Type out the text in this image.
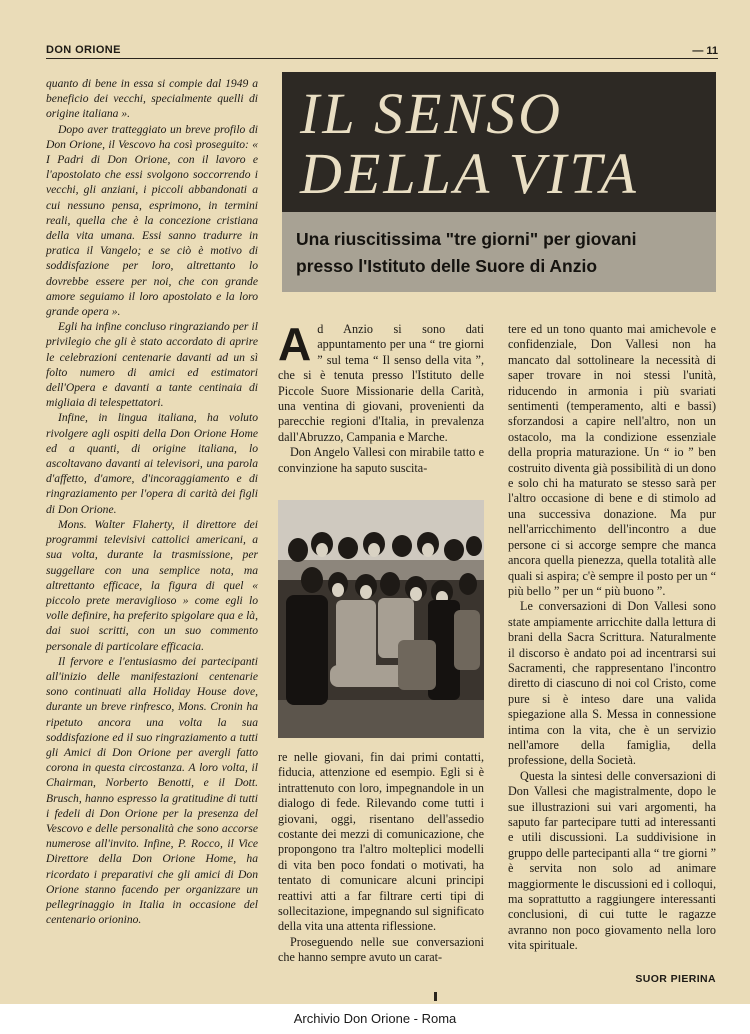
DON ORIONE	— 11

quanto di bene in essa si compie dal 1949 a beneficio dei vecchi, specialmente quelli di origine italiana ».

Dopo aver tratteggiato un breve profilo di Don Orione, il Vescovo ha così proseguito: « I Padri di Don Orione, con il lavoro e l'apostolato che essi svolgono soccorrendo i vecchi, gli anziani, i piccoli abbandonati a cui nessuno pensa, esprimono, in termini reali, quella che è la concezione cristiana della vita umana. Essi sanno tradurre in pratica il Vangelo; e se ciò è motivo di soddisfazione per loro, altrettanto lo dovrebbe essere per noi, che con grande amore seguiamo il loro apostolato e la loro grande opera ».

Egli ha infine concluso ringraziando per il privilegio che gli è stato accordato di aprire le celebrazioni centenarie davanti ad un sì folto numero di amici ed estimatori dell'Opera e davanti a tante centinaia di migliaia di telespettatori.

Infine, in lingua italiana, ha voluto rivolgere agli ospiti della Don Orione Home ed a quanti, di origine italiana, lo ascoltavano davanti ai televisori, una parola d'affetto, d'amore, d'incoraggiamento e di ringraziamento per l'opera di carità dei figli di Don Orione.

Mons. Walter Flaherty, il direttore dei programmi televisivi cattolici americani, a sua volta, durante la trasmissione, per suggellare con una semplice nota, ma altrettanto efficace, la figura di quel « piccolo prete meraviglioso » come egli lo volle definire, ha preferito spigolare qua e là, dai suoi scritti, con un suo commento personale di particolare efficacia.

Il fervore e l'entusiasmo dei partecipanti all'inizio delle manifestazioni centenarie sono continuati alla Holiday House dove, durante un breve rinfresco, Mons. Cronin ha ripetuto ancora una volta la sua soddisfazione ed il suo ringraziamento a tutti gli Amici di Don Orione per avergli fatto corona in questa circostanza. A loro volta, il Chairman, Norberto Benotti, e il Dott. Brusch, hanno espresso la gratitudine di tutti i fedeli di Don Orione per la presenza del Vescovo e delle personalità che sono accorse numerose all'invito. Infine, P. Rocco, il Vice Direttore della Don Orione Home, ha ricordato i preparativi che gli amici di Don Orione stanno facendo per organizzare un pellegrinaggio in Italia in occasione del centenario orionino.

IL SENSO
DELLA VITA
Una riuscitissima "tre giorni" per giovani
presso l'Istituto delle Suore di Anzio

Ad Anzio si sono dati appuntamento per una “ tre giorni ” sul tema “ Il senso della vita ”, che si è tenuta presso l'Istituto delle Piccole Suore Missionarie della Carità, una ventina di giovani, provenienti da parecchie regioni d'Italia, in prevalenza dall'Abruzzo, Campania e Marche.

Don Angelo Vallesi con mirabile tatto e convinzione ha saputo suscita-

re nelle giovani, fin dai primi contatti, fiducia, attenzione ed esempio. Egli si è intrattenuto con loro, impegnandole in un dialogo di fede. Rilevando come tutti i giovani, oggi, risentano dell'assedio costante dei mezzi di comunicazione, che propongono tra l'altro molteplici modelli di vita ben poco fondati o motivati, ha tentato di comunicare alcuni principi reattivi atti a far filtrare certi tipi di sollecitazione, impegnando sul significato della vita una attenta riflessione.

Proseguendo nelle sue conversazioni che hanno sempre avuto un carat-

tere ed un tono quanto mai amichevole e confidenziale, Don Vallesi non ha mancato dal sottolineare la necessità di saper trovare in noi stessi l'unità, riducendo in armonia i più svariati sentimenti (temperamento, alti e bassi) sforzandosi a capire nell'altro, non un ostacolo, ma la condizione essenziale della propria maturazione. Un “ io ” ben costruito diventa già possibilità di un dono e solo chi ha maturato se stesso sarà per l'altro occasione di bene e di stimolo ad una successiva donazione. Ma pur nell'arricchimento dell'incontro a due persone ci si accorge sempre che manca ancora quella pienezza, quella totalità alle quali si aspira; c'è sempre il posto per un “ più bello ” per un “ più buono ”.

Le conversazioni di Don Vallesi sono state ampiamente arricchite dalla lettura di brani della Sacra Scrittura. Naturalmente il discorso è andato poi ad incentrarsi sui Sacramenti, che rappresentano l'incontro diretto di ciascuno di noi col Cristo, come pure si è inteso dare una valida spiegazione alla S. Messa in connessione intima con la vita, che è un servizio nell'amore della famiglia, della professione, della Società.

Questa la sintesi delle conversazioni di Don Vallesi che magistralmente, dopo le sue illustrazioni sui vari argomenti, ha saputo far partecipare tutti ad interessanti e utili discussioni. La suddivisione in gruppo delle partecipanti alla “ tre giorni ” è servita non solo ad animare maggiormente le discussioni ed i colloqui, ma soprattutto a raggiungere interessanti conclusioni, di cui tutte le ragazze avranno non poco giovamento nella loro vita spirituale.

SUOR PIERINA
Archivio Don Orione - Roma
